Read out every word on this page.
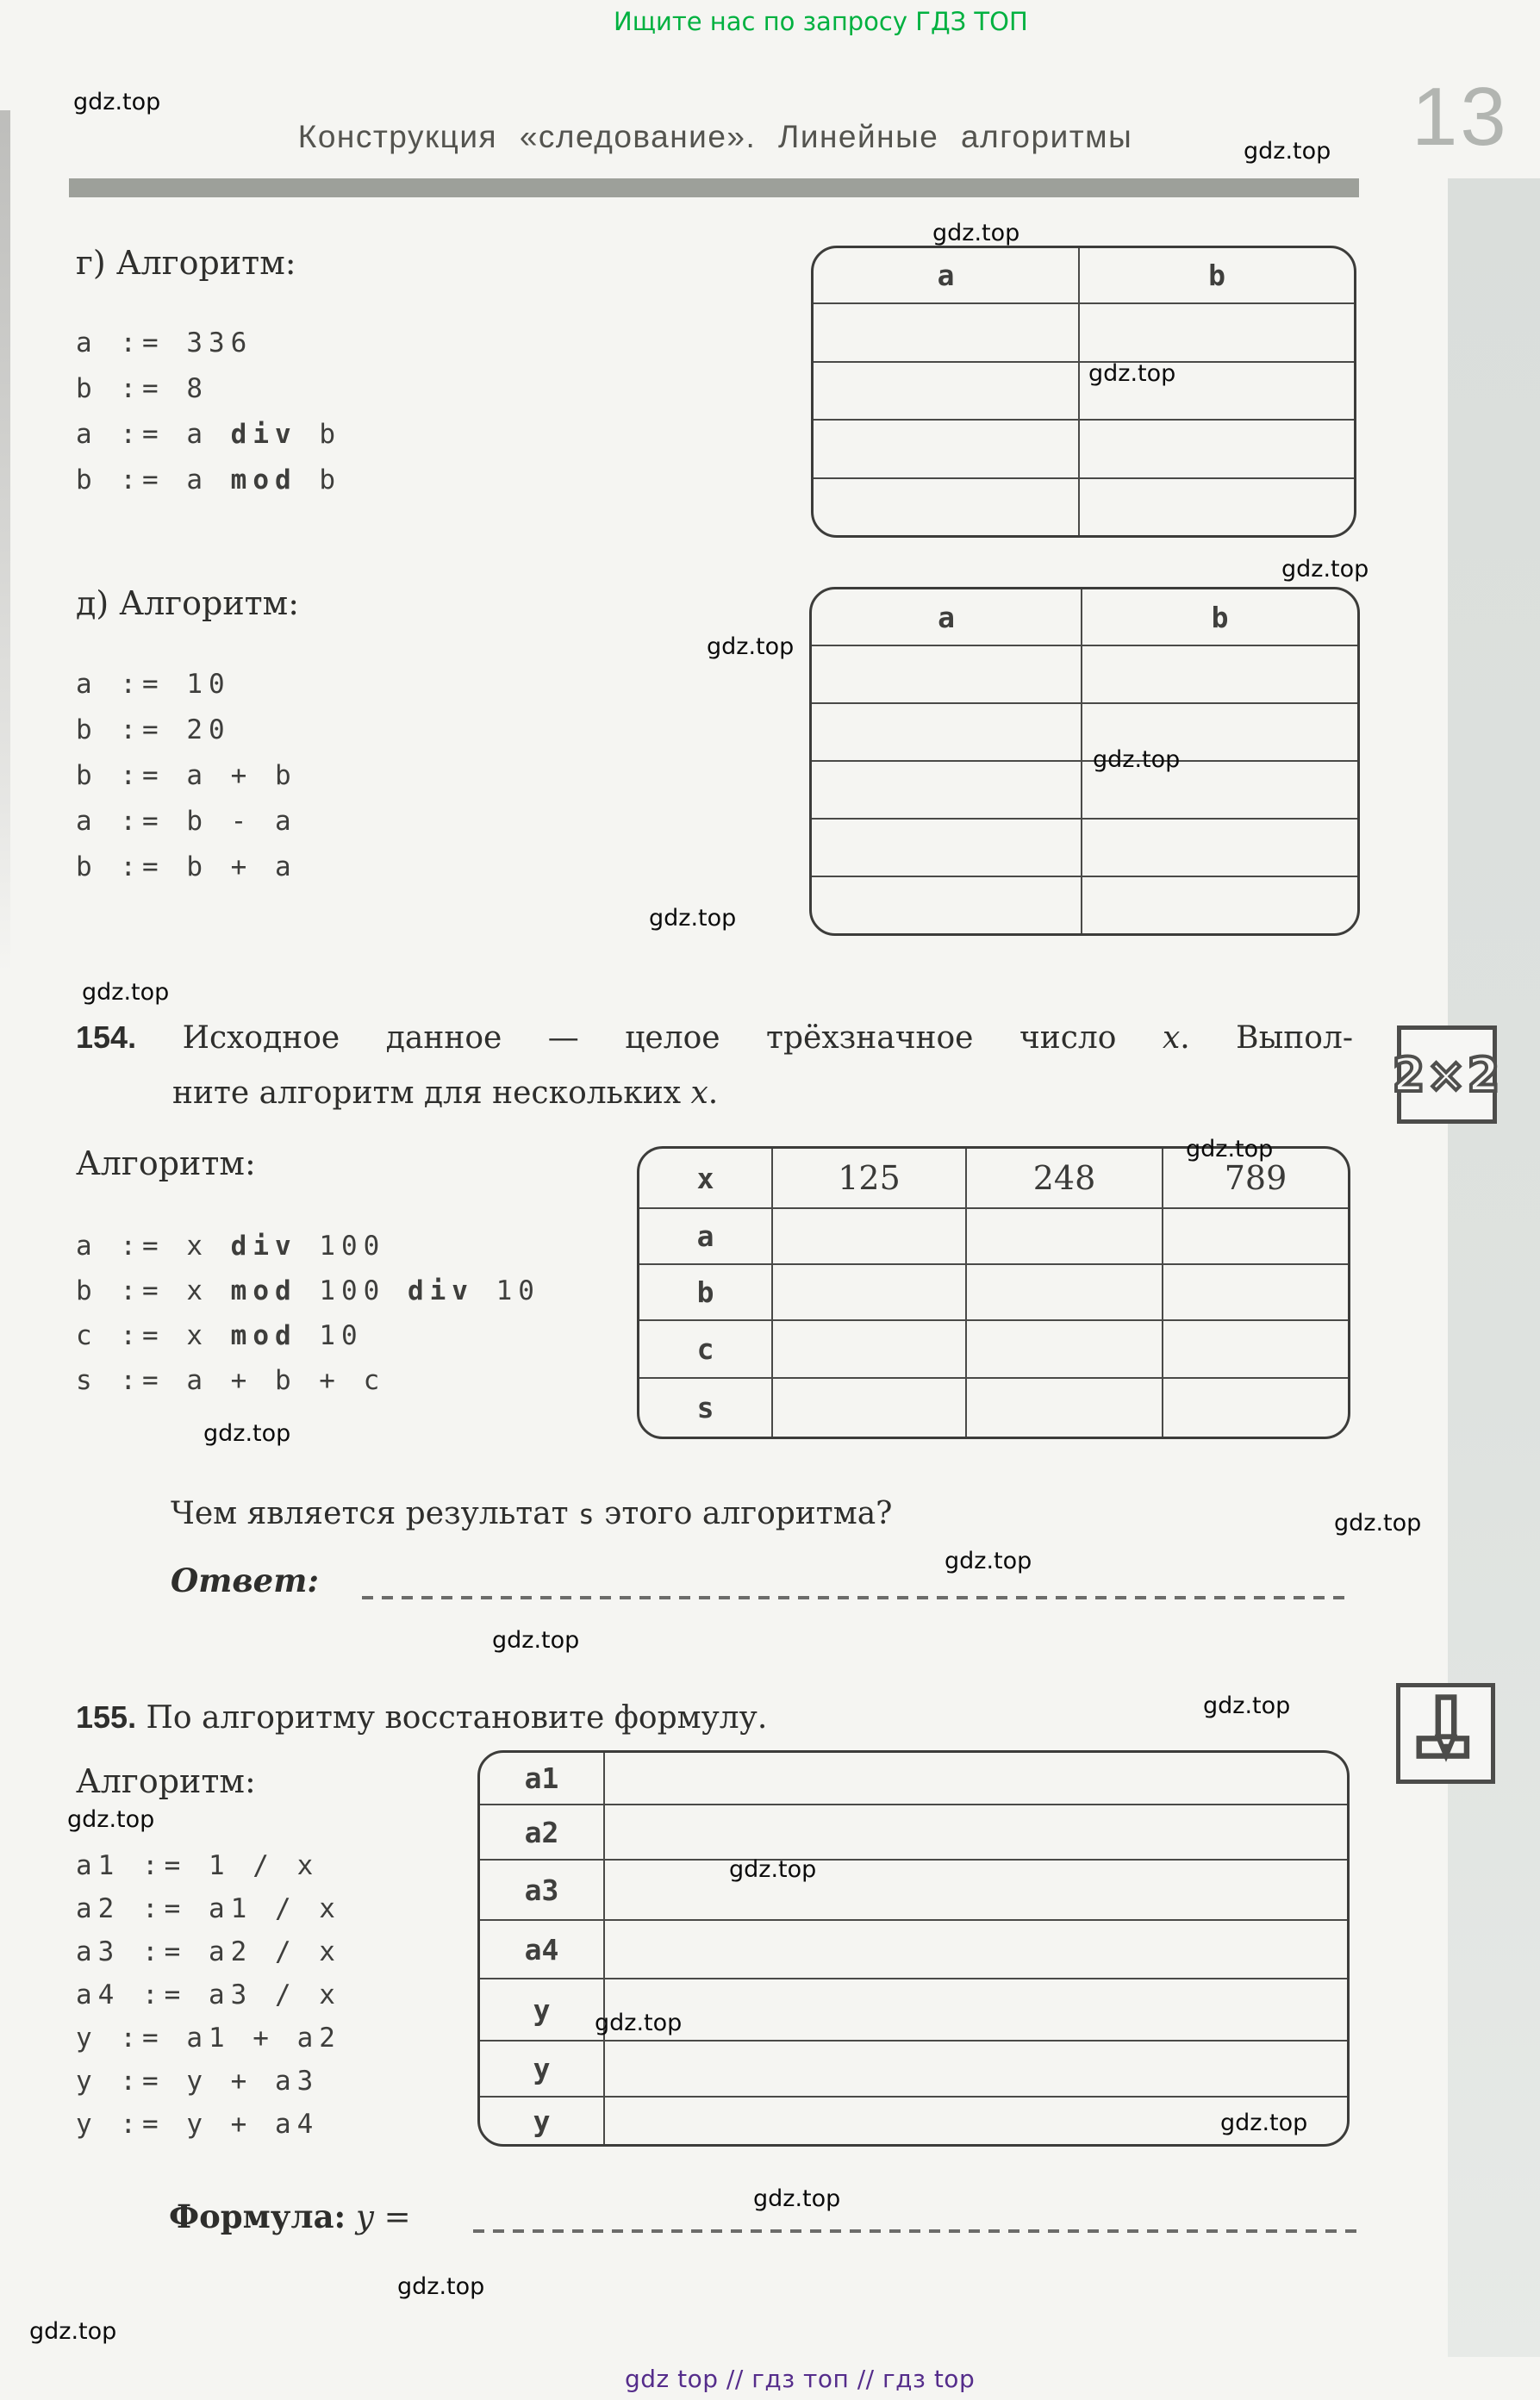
Ищите нас по запросу ГДЗ ТОП
Конструкция «следование». Линейные алгоритмы	13
2×2
г) Алгоритм:
a := 336
b := 8
a := a div b
b := a mod b
a	b
д) Алгоритм:
a := 10
b := 20
b := a + b
a := b - a
b := b + a
a	b
154. Исходное данное — целое трёхзначное число x. Выпол-
ните алгоритм для нескольких x.
Алгоритм:
a := x div 100
b := x mod 100 div 10
c := x mod 10
s := a + b + c
x	125	248	789
a
b
c
s
Чем является результат s этого алгоритма?
Ответ:
155. По алгоритму восстановите формулу.
Алгоритм:
a1 := 1 / x
a2 := a1 / x
a3 := a2 / x
a4 := a3 / x
y := a1 + a2
y := y + a3
y := y + a4
a1
a2
a3
a4
y
y
y
Формула: y =
gdz top // гдз топ // гдз top
gdz.top
gdz.top
gdz.top
gdz.top
gdz.top
gdz.top
gdz.top
gdz.top
gdz.top
gdz.top
gdz.top
gdz.top
gdz.top
gdz.top
gdz.top
gdz.top
gdz.top
gdz.top
gdz.top
gdz.top
gdz.top
gdz.top
